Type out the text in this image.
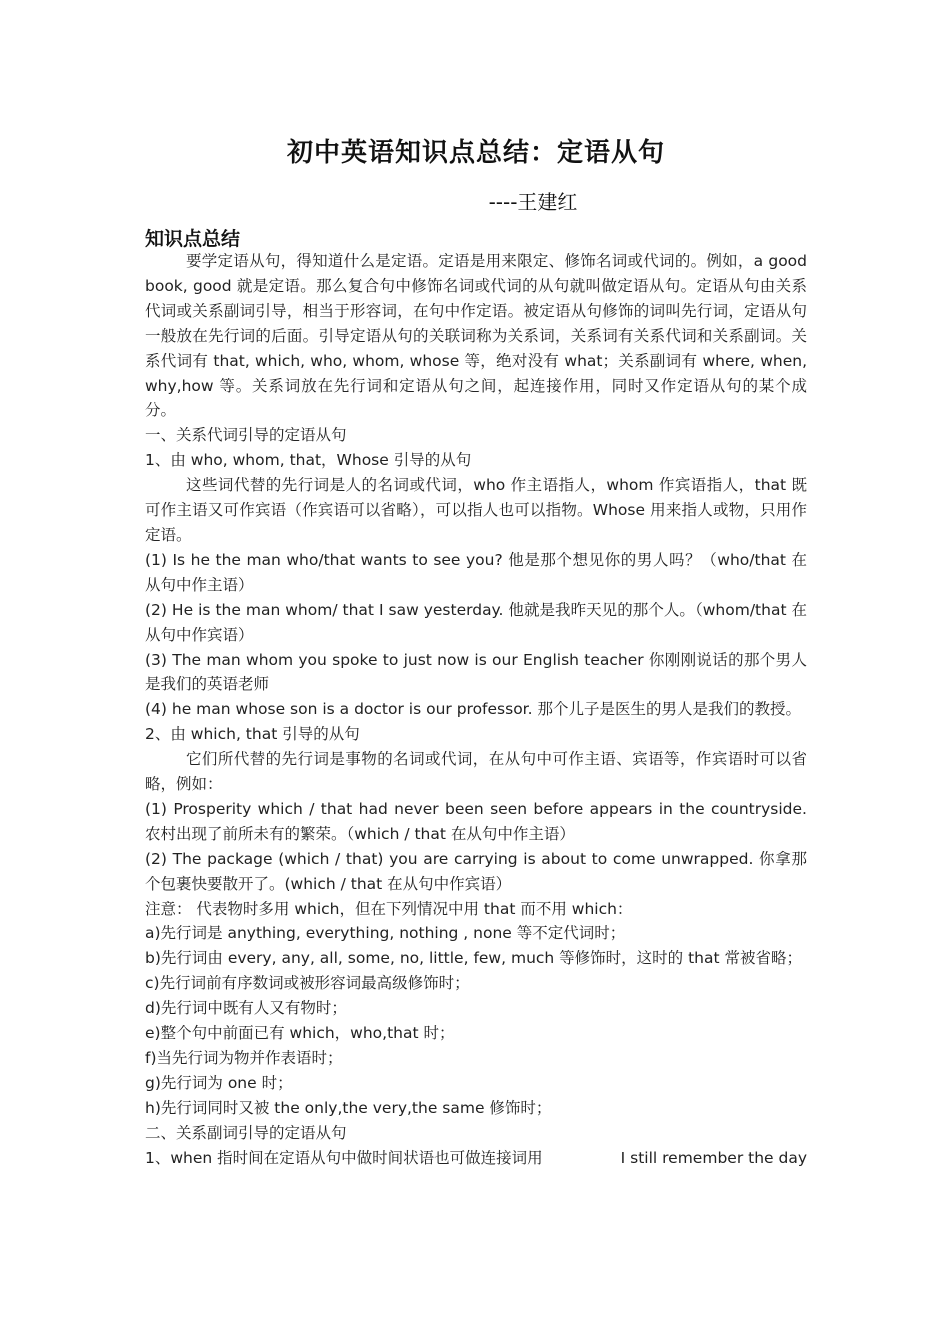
初中英语知识点总结：定语从句
----王建红
知识点总结

要学定语从句，得知道什么是定语。定语是用来限定、修饰名词或代词的。例如，a good book, good 就是定语。那么复合句中修饰名词或代词的从句就叫做定语从句。定语从句由关系代词或关系副词引导，相当于形容词，在句中作定语。被定语从句修饰的词叫先行词，定语从句一般放在先行词的后面。引导定语从句的关联词称为关系词，关系词有关系代词和关系副词。关系代词有 that, which, who, whom, whose 等，绝对没有 what；关系副词有 where, when, why,how 等。关系词放在先行词和定语从句之间，起连接作用，同时又作定语从句的某个成分。

一、关系代词引导的定语从句

1、由 who, whom, that，Whose 引导的从句

这些词代替的先行词是人的名词或代词，who 作主语指人，whom 作宾语指人，that 既可作主语又可作宾语（作宾语可以省略），可以指人也可以指物。Whose 用来指人或物，只用作定语。

(1) Is he the man who/that wants to see you? 他是那个想见你的男人吗？（who/that 在从句中作主语）

(2) He is the man whom/ that I saw yesterday. 他就是我昨天见的那个人。（whom/that 在从句中作宾语）

(3) The man whom you spoke to just now is our English teacher 你刚刚说话的那个男人是我们的英语老师

(4) he man whose son is a doctor is our professor. 那个儿子是医生的男人是我们的教授。

2、由 which, that 引导的从句

它们所代替的先行词是事物的名词或代词，在从句中可作主语、宾语等，作宾语时可以省略，例如：

(1) Prosperity which / that had never been seen before appears in the countryside. 农村出现了前所未有的繁荣。（which / that 在从句中作主语）

(2) The package (which / that) you are carrying is about to come unwrapped. 你拿那个包裹快要散开了。(which / that 在从句中作宾语）

注意： 代表物时多用 which，但在下列情况中用 that 而不用 which：

a)先行词是 anything, everything, nothing , none 等不定代词时；

b)先行词由 every, any, all, some, no, little, few, much 等修饰时，这时的 that 常被省略；

c)先行词前有序数词或被形容词最高级修饰时；

d)先行词中既有人又有物时；

e)整个句中前面已有 which，who,that 时；

f)当先行词为物并作表语时；

g)先行词为 one 时；

h)先行词同时又被 the only,the very,the same 修饰时；

二、关系副词引导的定语从句

1、when 指时间在定语从句中做时间状语也可做连接词用	I still remember the day
